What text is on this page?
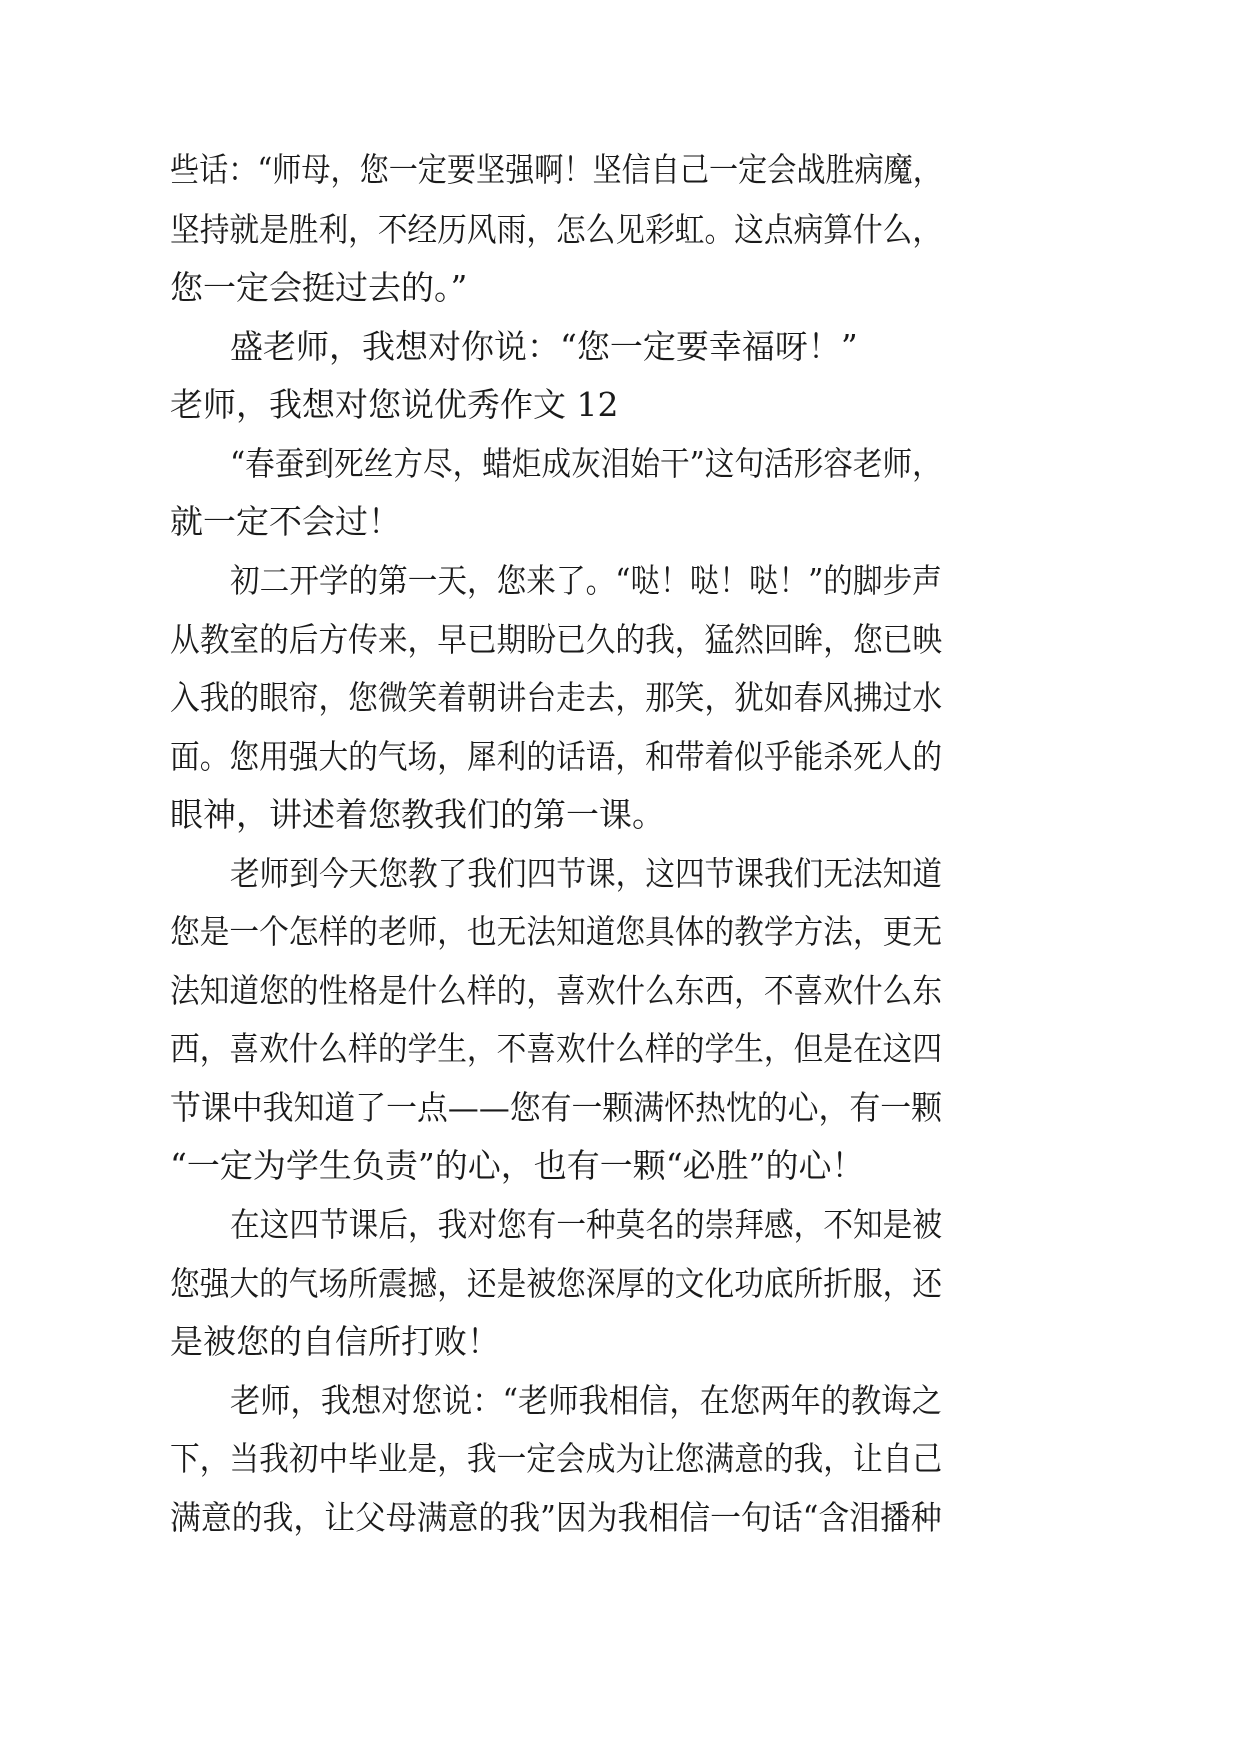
些话：“师母，您一定要坚强啊！坚信自己一定会战胜病魔，
坚持就是胜利，不经历风雨，怎么见彩虹。这点病算什么，
您一定会挺过去的。”
盛老师，我想对你说：“您一定要幸福呀！”
老师，我想对您说优秀作文 12
“春蚕到死丝方尽，蜡炬成灰泪始干”这句活形容老师，
就一定不会过！
初二开学的第一天，您来了。“哒！哒！哒！”的脚步声
从教室的后方传来，早已期盼已久的我，猛然回眸，您已映
入我的眼帘，您微笑着朝讲台走去，那笑，犹如春风拂过水
面。您用强大的气场，犀利的话语，和带着似乎能杀死人的
眼神，讲述着您教我们的第一课。
老师到今天您教了我们四节课，这四节课我们无法知道
您是一个怎样的老师，也无法知道您具体的教学方法，更无
法知道您的性格是什么样的，喜欢什么东西，不喜欢什么东
西，喜欢什么样的学生，不喜欢什么样的学生，但是在这四
节课中我知道了一点——您有一颗满怀热忱的心，有一颗
“一定为学生负责”的心，也有一颗“必胜”的心！
在这四节课后，我对您有一种莫名的崇拜感，不知是被
您强大的气场所震撼，还是被您深厚的文化功底所折服，还
是被您的自信所打败！
老师，我想对您说：“老师我相信，在您两年的教诲之
下，当我初中毕业是，我一定会成为让您满意的我，让自己
满意的我，让父母满意的我”因为我相信一句话“含泪播种
